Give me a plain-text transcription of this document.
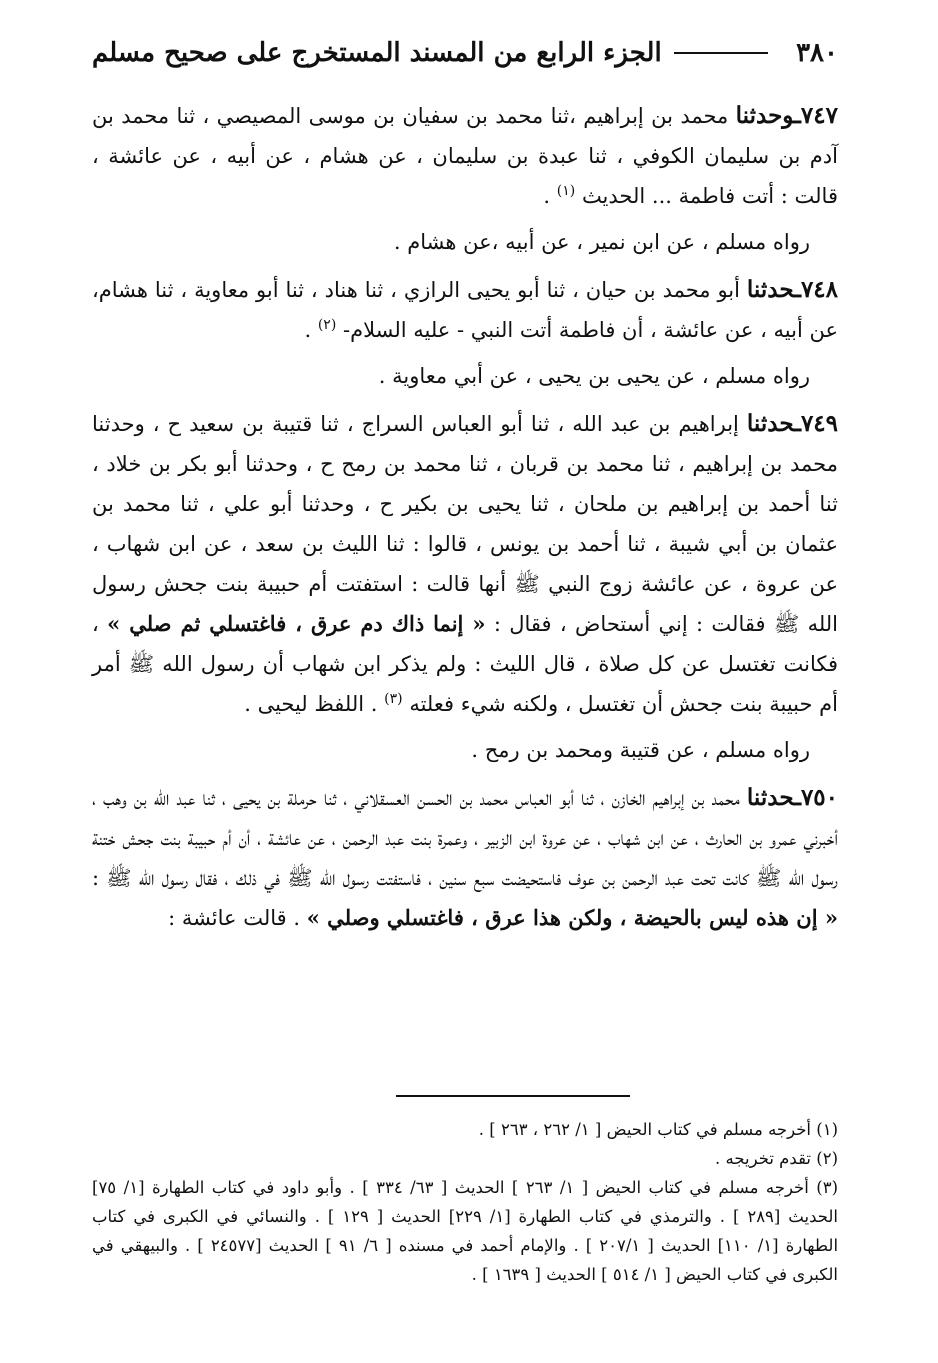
٣٨٠
الجزء الرابع من المسند المستخرج على صحيح مسلم

٧٤٧ـوحدثنا محمد بن إبراهيم ،ثنا محمد بن سفيان بن موسى المصيصي ، ثنا محمد بن آدم بن سليمان الكوفي ، ثنا عبدة بن سليمان ، عن هشام ، عن أبيه ، عن عائشة ، قالت : أتت فاطمة ... الحديث $^{(١)}$ .

رواه مسلم ، عن ابن نمير ، عن أبيه ،عن هشام .

٧٤٨ـحدثنا أبو محمد بن حيان ، ثنا أبو يحيى الرازي ، ثنا هناد ، ثنا أبو معاوية ، ثنا هشام، عن أبيه ، عن عائشة ، أن فاطمة أتت النبي - عليه السلام- $^{(٢)}$ .

رواه مسلم ، عن يحيى بن يحيى ، عن أبي معاوية .

٧٤٩ـحدثنا إبراهيم بن عبد الله ، ثنا أبو العباس السراج ، ثنا قتيبة بن سعيد ح ، وحدثنا محمد بن إبراهيم ، ثنا محمد بن قربان ، ثنا محمد بن رمح ح ، وحدثنا أبو بكر بن خلاد ، ثنا أحمد بن إبراهيم بن ملحان ، ثنا يحيى بن بكير ح ، وحدثنا أبو علي ، ثنا محمد بن عثمان بن أبي شيبة ، ثنا أحمد بن يونس ، قالوا : ثنا الليث بن سعد ، عن ابن شهاب ، عن عروة ، عن عائشة زوج النبي ﷺ أنها قالت : استفتت أم حبيبة بنت جحش رسول الله ﷺ فقالت : إني أستحاض ، فقال : « إنما ذاك دم عرق ، فاغتسلي ثم صلي » ، فكانت تغتسل عن كل صلاة ، قال الليث : ولم يذكر ابن شهاب أن رسول الله ﷺ أمر أم حبيبة بنت جحش أن تغتسل ، ولكنه شيء فعلته $^{(٣)}$ . اللفظ ليحيى .

رواه مسلم ، عن قتيبة ومحمد بن رمح .

٧٥٠ـحدثنا محمد بن إبراهيم الخازن ، ثنا أبو العباس محمد بن الحسن العسقلاني ، ثنا حرملة بن يحيى ، ثنا عبد الله بن وهب ، أخبرني عمرو بن الحارث ، عن ابن شهاب ، عن عروة ابن الزبير ، وعمرة بنت عبد الرحمن ، عن عائشة ، أن أم حبيبة بنت جحش ختنة رسول الله ﷺ كانت تحت عبد الرحمن بن عوف فاستحيضت سبع سنين ، فاستفتت رسول الله ﷺ في ذلك ، فقال رسول الله ﷺ : « إن هذه ليس بالحيضة ، ولكن هذا عرق ، فاغتسلي وصلي » . قالت عائشة :

(١) أخرجه مسلم في كتاب الحيض [ ١/ ٢٦٢ ، ٢٦٣ ] .

(٢) تقدم تخريجه .

(٣) أخرجه مسلم في كتاب الحيض [ ١/ ٢٦٣ ] الحديث [ ٦٣/ ٣٣٤ ] . وأبو داود في كتاب الطهارة [١/ ٧٥] الحديث [٢٨٩ ] . والترمذي في كتاب الطهارة [١/ ٢٢٩] الحديث [ ١٢٩ ] . والنسائي في الكبرى في كتاب الطهارة [١/ ١١٠] الحديث [ ٢٠٧/١ ] . والإمام أحمد في مسنده [ ٦/ ٩١ ] الحديث [٢٤٥٧٧ ] . والبيهقي في الكبرى في كتاب الحيض [ ١/ ٥١٤ ] الحديث [ ١٦٣٩ ] .
